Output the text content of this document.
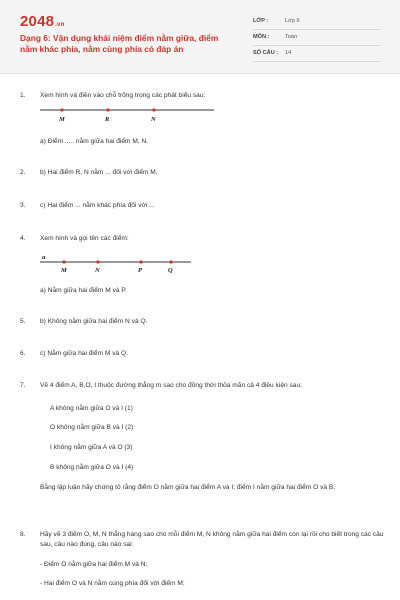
2048.vn
Dạng 6: Vận dụng khái niệm điểm nằm giữa, điểm nằm khác phía, nằm cùng phía có đáp án
LỚP :	Lớp 6
MÔN :	Toán
SỐ CÂU : 14
1. Xem hình và điền vào chỗ trống trong các phát biểu sau:
M	R	N
a) Điểm ..... nằm giữa hai điểm M, N.
2. b) Hai điểm R, N nằm ... đối với điểm M.
3. c) Hai điểm ... nằm khác phía đối với ...
4. Xem hình và gọi tên các điểm:
a
M	N	P	Q
a) Nằm giữa hai điểm M và P.
5. b) Không nằm giữa hai điểm N và Q.
6. c) Nằm giữa hai điểm M và Q.
7. Vẽ 4 điểm A, B,O, I thuộc đường thẳng m sao cho đồng thời thỏa mãn cả 4 điều kiện sau:
A không nằm giữa O và I (1)
O không nằm giữa B và I (2)
I không nằm giữa A và O (3)
B không nằm giữa O và I (4)
Bằng lập luận hãy chứng tỏ rằng điểm O nằm giữa hai điểm A và I; điểm I nằm giữa hai điểm O và B.
8. Hãy vẽ 3 điểm O, M, N thẳng hàng sao cho mỗi điểm M, N không nằm giữa hai điểm còn lại rồi cho biết trong các câu sau, câu nào đúng, câu nào sai:
- Điểm O nằm giữa hai điểm M và N;
- Hai điểm O và N nằm cùng phía đối với điểm M;
